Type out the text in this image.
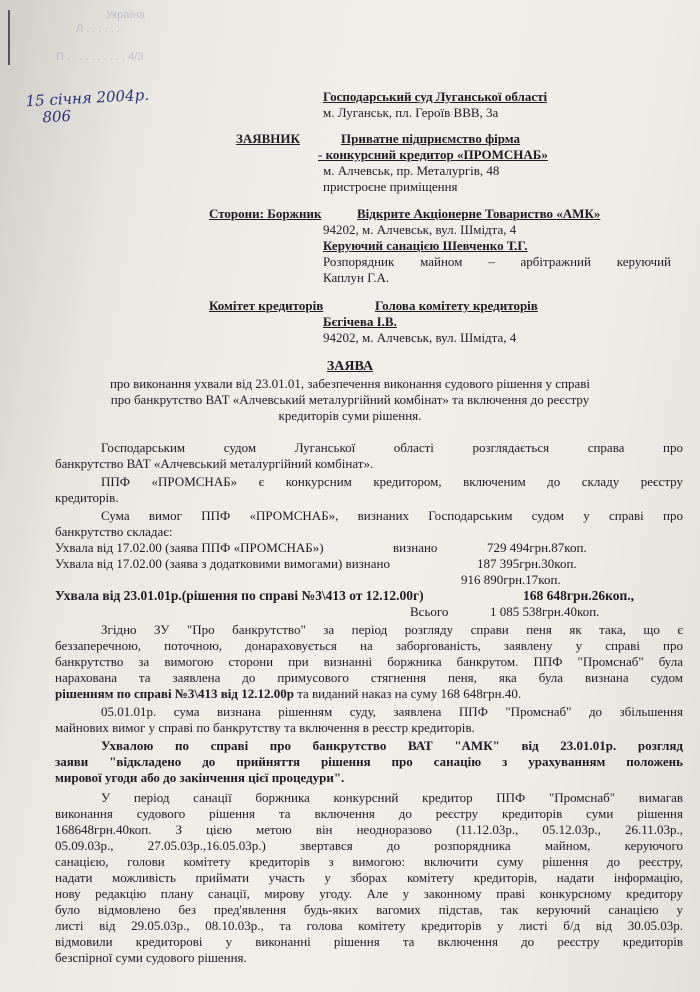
Україна
Л . . . . . .

П . . . . . . . . . . 4/3
15 січня 2004р.
806
Господарський суд Луганської області
м. Луганськ, пл. Героїв ВВВ, 3а
ЗАЯВНИК	Приватне підприємство фірма
- конкурсний кредитор «ПРОМСНАБ»
м. Алчевськ, пр. Металургів, 48
пристроєне приміщення
Сторони: Боржник	Відкрите Акціонерне Товариство «АМК»
94202, м. Алчевськ, вул. Шмідта, 4
Керуючий санацією Шевченко Т.Г.
Розпорядник майном – арбітражний керуючий
Каплун Г.А.
Комітет кредиторів	Голова комітету кредиторів
Бєгічева І.В.
94202, м. Алчевськ, вул. Шмідта, 4
ЗАЯВА
про виконання ухвали від 23.01.01, забезпечення виконання судового рішення у справі
про банкрутство ВАТ «Алчевський металургійний комбінат» та включення до реєстру
кредиторів суми рішення.
Господарським судом Луганської області розглядається справа про
банкрутство ВАТ «Алчевський металургійний комбінат».
ППФ «ПРОМСНАБ» є конкурсним кредитором, включеним до складу реєстру
кредиторів.
Сума вимог ППФ «ПРОМСНАБ», визнаних Господарським судом у справі про
банкрутство складає:
Ухвала від 17.02.00 (заява ППФ «ПРОМСНАБ»)	визнано	729 494грн.87коп.
Ухвала від 17.02.00 (заява з додатковими вимогами) визнано	187 395грн.30коп.
916 890грн.17коп.
Ухвала від 23.01.01р.(рішення по справі №3\413 от 12.12.00г)	168 648грн.26коп.,
Всього	1 085 538грн.40коп.
Згідно ЗУ "Про банкрутство" за період розгляду справи пеня як така, що є
беззаперечною, поточною, донараховується на заборгованість, заявлену у справі про
банкрутство за вимогою сторони при визнанні боржника банкрутом. ППФ "Промснаб" була
нарахована та заявлена до примусового стягнення пеня, яка була визнана судом
рішенням по справі №3\413 від 12.12.00р та виданий наказ на суму 168 648грн.40.
05.01.01р. сума визнана рішенням суду, заявлена ППФ "Промснаб" до збільшення
майнових вимог у справі по банкрутству та включення в реєстр кредиторів.
Ухвалою по справі про банкрутство ВАТ "АМК" від 23.01.01р. розгляд
заяви "відкладено до прийняття рішення про санацію з урахуванням положень
мирової угоди або до закінчення цієї процедури".
У період санації боржника конкурсний кредитор ППФ "Промснаб" вимагав
виконання судового рішення та включення до реєстру кредиторів суми рішення
168648грн.40коп. З цією метою він неодноразово (11.12.03р., 05.12.03р., 26.11.03р.,
05.09.03р., 27.05.03р.,16.05.03р.) звертався до розпорядника майном, керуючого
санацією, голови комітету кредиторів з вимогою: включити суму рішення до реєстру,
надати можливість приймати участь у зборах комітету кредиторів, надати інформацію,
нову редакцію плану санації, мирову угоду. Але у законному праві конкурсному кредитору
було відмовлено без пред'явлення будь-яких вагомих підстав, так керуючий санацією у
листі від 29.05.03р., 08.10.03р., та голова комітету кредиторів у листі б/д від 30.05.03р.
відмовили кредиторові у виконанні рішення та включення до реєстру кредиторів
безспірної суми судового рішення.
